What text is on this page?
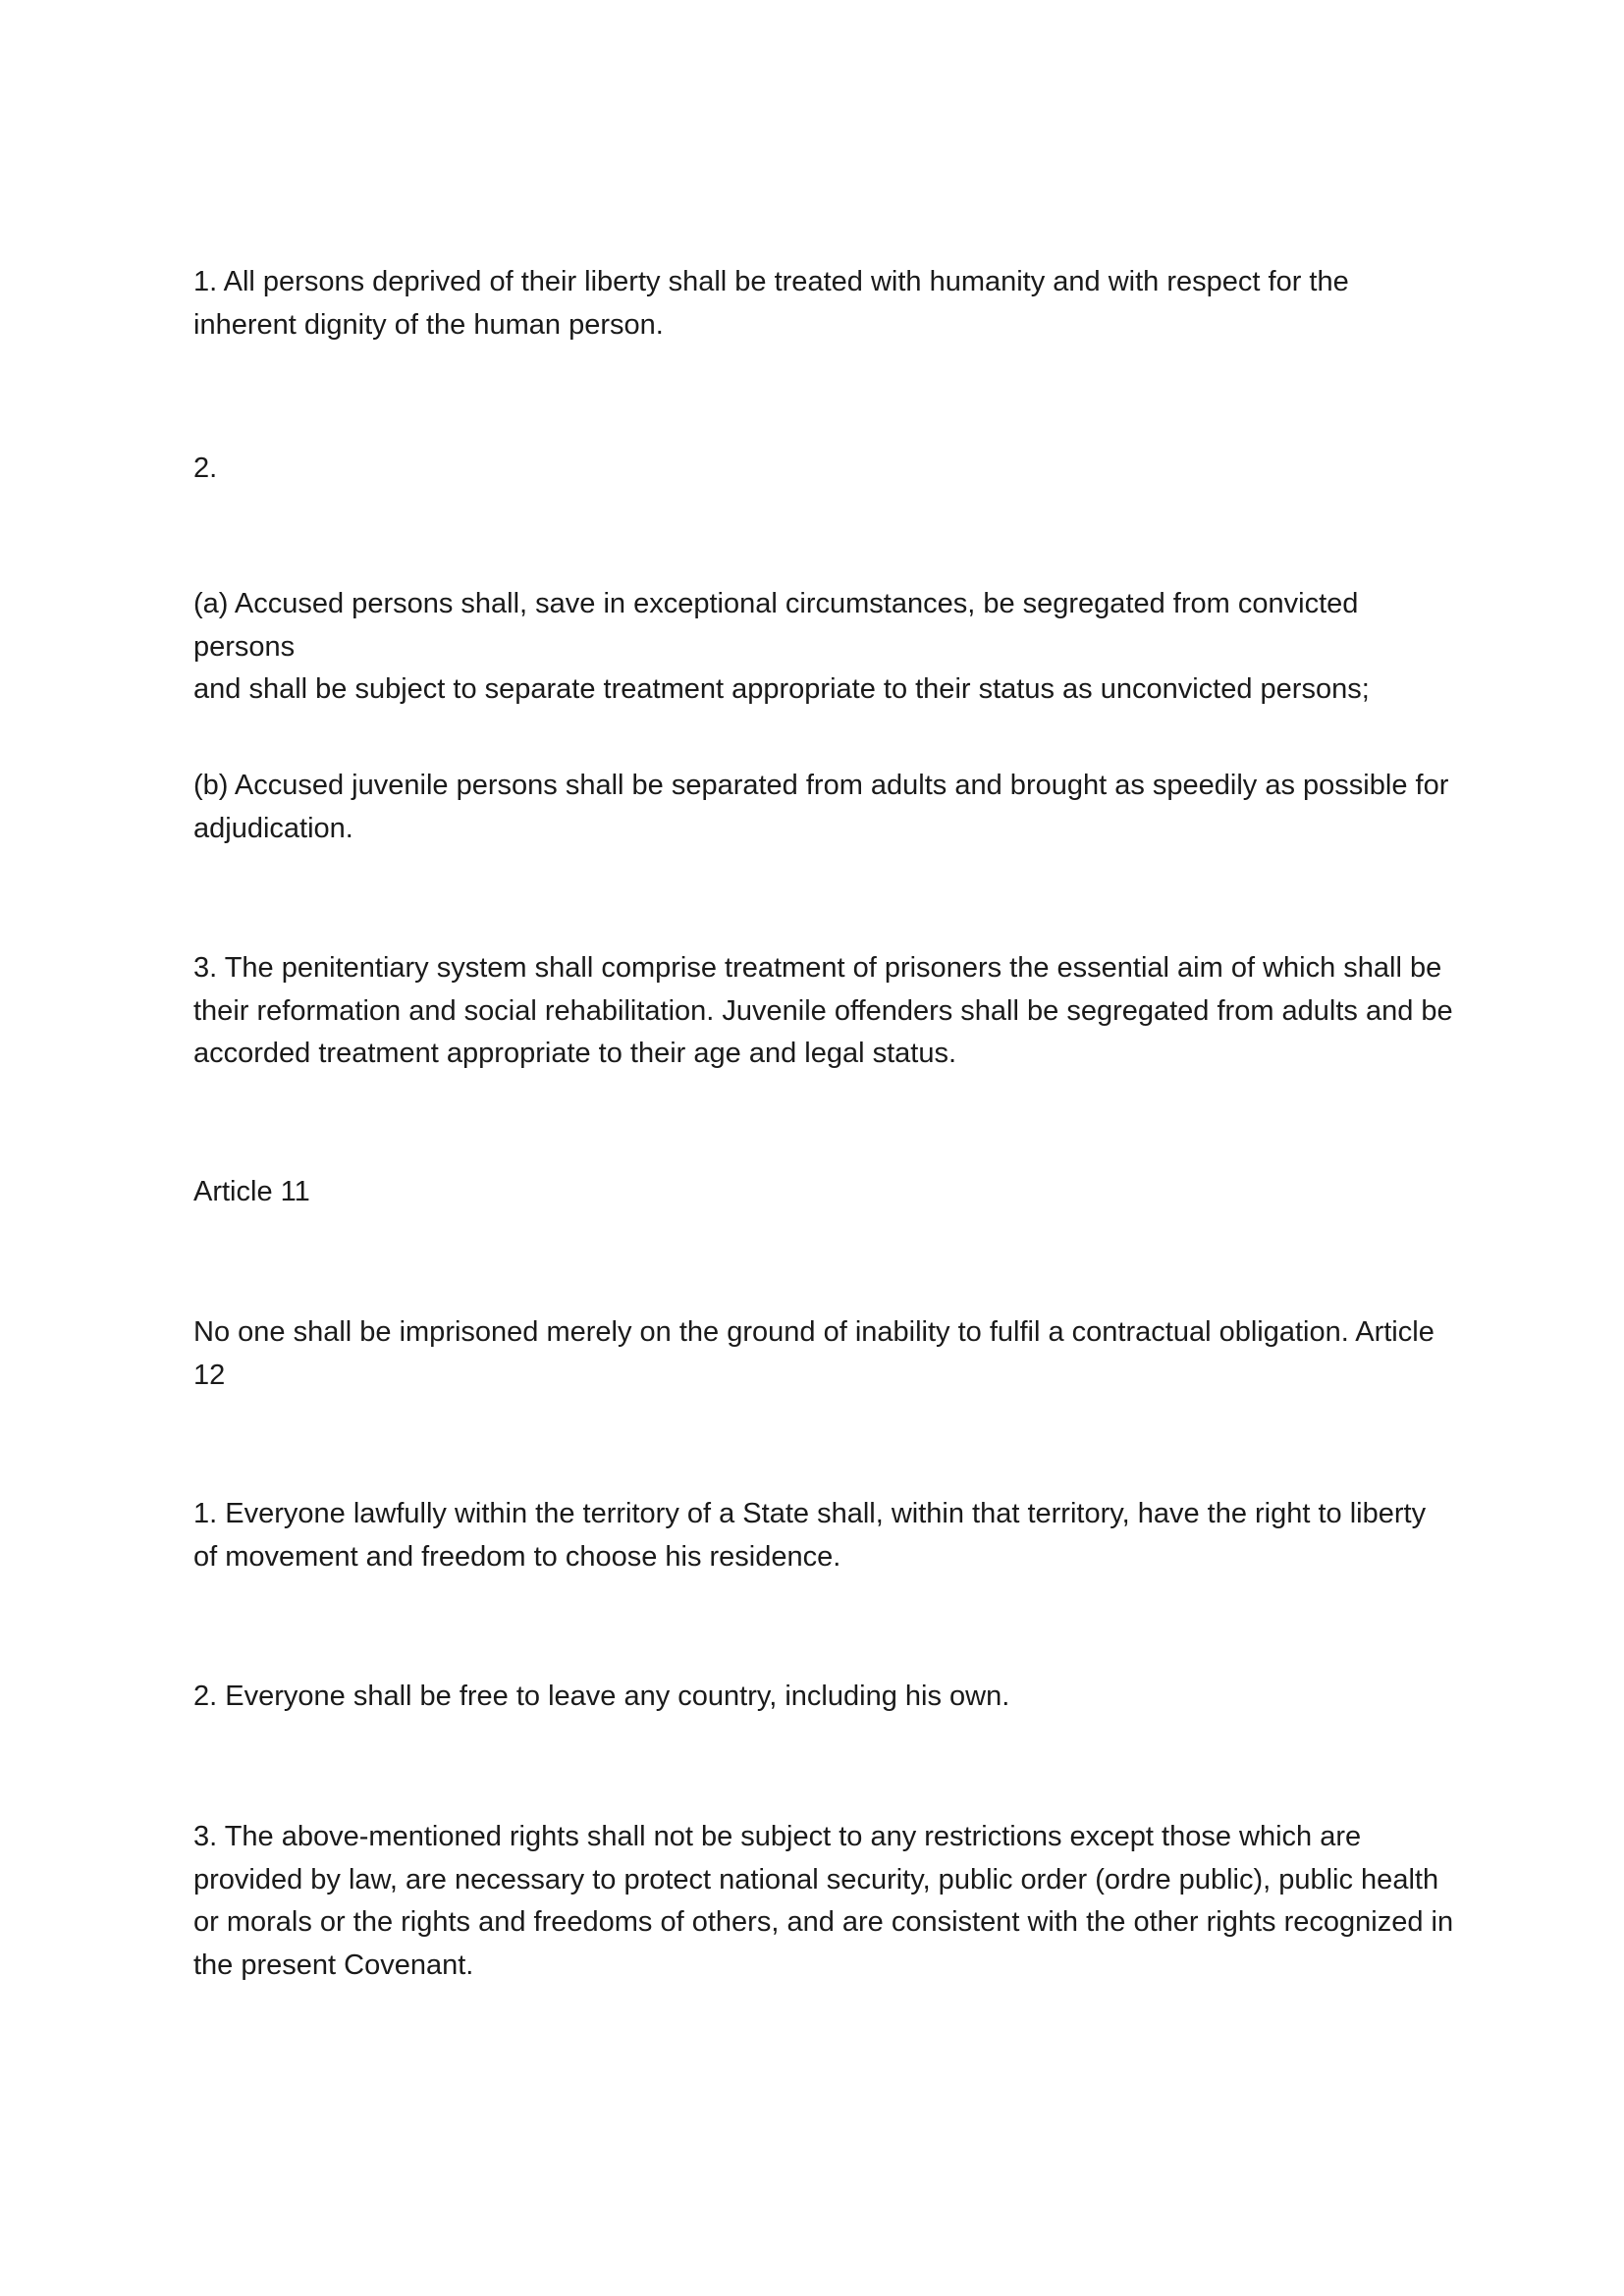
1. All persons deprived of their liberty shall be treated with humanity and with respect for the
inherent dignity of the human person.

2.

(a) Accused persons shall, save in exceptional circumstances, be segregated from convicted persons
and shall be subject to separate treatment appropriate to their status as unconvicted persons;

(b) Accused juvenile persons shall be separated from adults and brought as speedily as possible for
adjudication.

3. The penitentiary system shall comprise treatment of prisoners the essential aim of which shall be
their reformation and social rehabilitation. Juvenile offenders shall be segregated from adults and be
accorded treatment appropriate to their age and legal status.

Article 11

No one shall be imprisoned merely on the ground of inability to fulfil a contractual obligation. Article
12

1. Everyone lawfully within the territory of a State shall, within that territory, have the right to liberty
of movement and freedom to choose his residence.

2. Everyone shall be free to leave any country, including his own.

3. The above-mentioned rights shall not be subject to any restrictions except those which are
provided by law, are necessary to protect national security, public order (ordre public), public health
or morals or the rights and freedoms of others, and are consistent with the other rights recognized in
the present Covenant.
